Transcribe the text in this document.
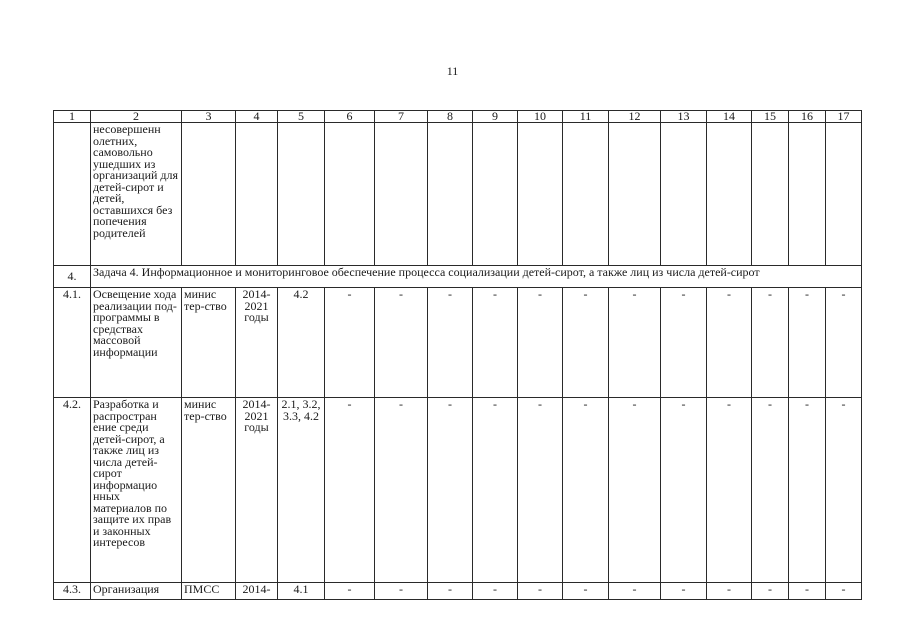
11
1	2	3	4	5	6	7	8	9	10	11	12	13	14	15	16	17
	несовершенн олетних, самовольно ушедших из организаций для детей-сирот и детей, оставшихся без попечения родителей															
4.	Задача 4. Информационное и мониторинговое обеспечение процесса социализации детей-сирот, а также лиц из числа детей-сирот															
4.1.	Освещение хода реализации под-программы в средствах массовой информации	минис тер-ство	2014-2021 годы	4.2	-	-	-	-	-	-	-	-	-	-	-	-
4.2.	Разработка и распростран ение среди детей-сирот, а также лиц из числа детей-сирот информацио нных материалов по защите их прав и законных интересов	минис тер-ство	2014-2021 годы	2.1, 3.2, 3.3, 4.2	-	-	-	-	-	-	-	-	-	-	-	-
4.3.	Организация	ПМСС	2014-	4.1	-	-	-	-	-	-	-	-	-	-	-	-
